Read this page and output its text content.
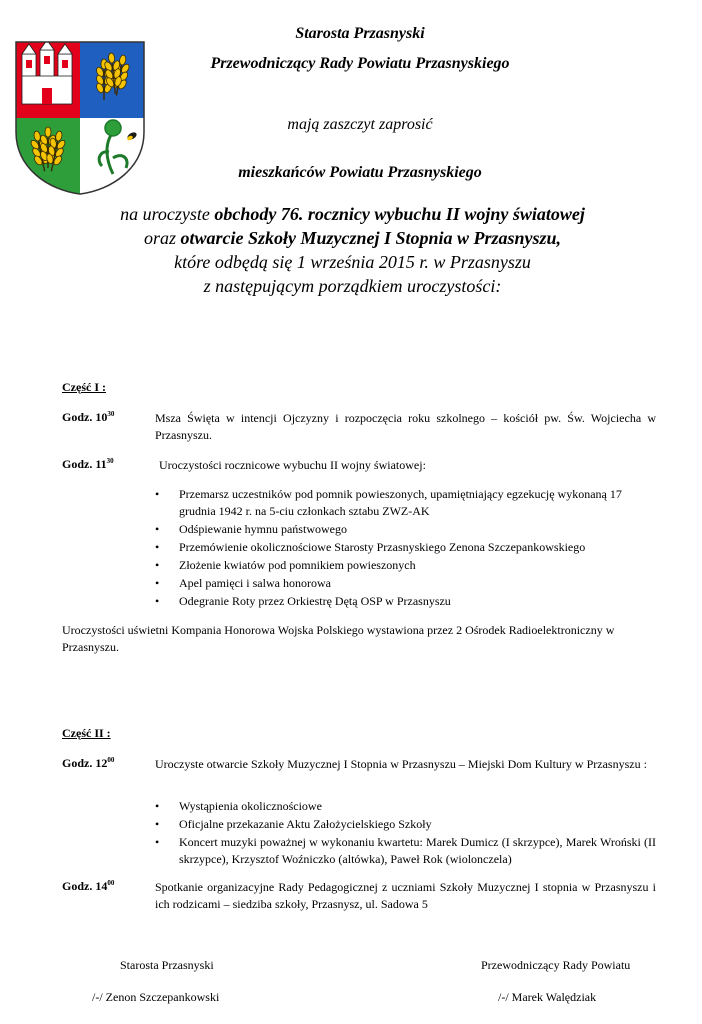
Starosta Przasnyski
Przewodniczący Rady Powiatu Przasnyskiego
mają zaszczyt zaprosić
mieszkańców Powiatu Przasnyskiego
na uroczyste obchody 76. rocznicy wybuchu II wojny światowej
oraz otwarcie Szkoły Muzycznej I Stopnia w Przasnyszu,
które odbędą się 1 września 2015 r. w Przasnyszu
z następującym porządkiem uroczystości:
Część I :
Godz. $10^{30}$	Msza Święta w intencji Ojczyzny i rozpoczęcia roku szkolnego – kościół pw. Św. Wojciecha w Przasnyszu.
Godz. $11^{30}$	Uroczystości rocznicowe wybuchu II wojny światowej:
• Przemarsz uczestników pod pomnik powieszonych, upamiętniający egzekucję wykonaną 17 grudnia 1942 r. na 5-ciu członkach sztabu ZWZ-AK
• Odśpiewanie hymnu państwowego
• Przemówienie okolicznościowe Starosty Przasnyskiego Zenona Szczepankowskiego
• Złożenie kwiatów pod pomnikiem powieszonych
• Apel pamięci i salwa honorowa
• Odegranie Roty przez Orkiestrę Dętą OSP w Przasnyszu
Uroczystości uświetni Kompania Honorowa Wojska Polskiego wystawiona przez 2 Ośrodek Radioelektroniczny w Przasnyszu.
Część II :
Godz. $12^{00}$	Uroczyste otwarcie Szkoły Muzycznej I Stopnia w Przasnyszu – Miejski Dom Kultury w Przasnyszu :
• Wystąpienia okolicznościowe
• Oficjalne przekazanie Aktu Założycielskiego Szkoły
• Koncert muzyki poważnej w wykonaniu kwartetu: Marek Dumicz (I skrzypce), Marek Wroński (II skrzypce), Krzysztof Woźniczko (altówka), Paweł Rok (wiolonczela)
Godz. $14^{00}$	Spotkanie organizacyjne Rady Pedagogicznej z uczniami Szkoły Muzycznej I stopnia w Przasnyszu i ich rodzicami – siedziba szkoły, Przasnysz, ul. Sadowa 5
Starosta Przasnyski
/-/ Zenon Szczepankowski
Przewodniczący Rady Powiatu
/-/ Marek Walędziak
